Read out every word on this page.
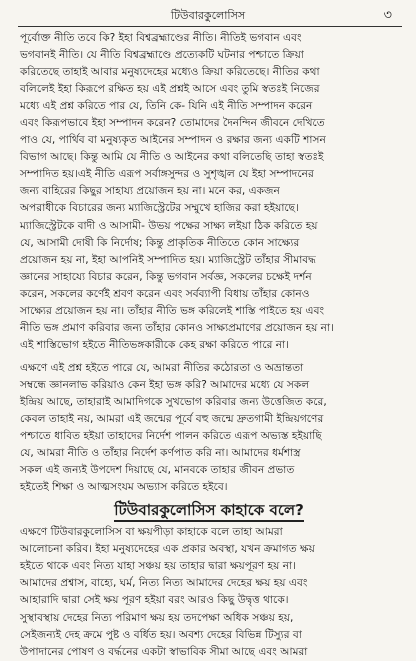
টিউবারকুলোসিস	৩
পূর্বোক্ত নীতি তবে কি? ইহা বিশ্বব্রহ্মাণ্ডের নীতি। নীতিই ভগবান এবং
ভগবানই নীতি। যে নীতি বিশ্বব্রহ্মাণ্ডে প্রত্যেকটি ঘটনার পশ্চাতে ক্রিয়া
করিতেছে তাহাই আবার মনুষ্যদেহের মধ্যেও ক্রিয়া করিতেছে। নীতির কথা
বলিলেই ইহা কিরূপে রক্ষিত হয় এই প্রশ্নই আসে এবং তুমি স্বতঃই নিজের
মধ্যে এই প্রশ্ন করিতে পার যে, তিনি কে- যিনি এই নীতি সম্পাদন করেন
এবং কিরূপভাবে ইহা সম্পাদন করেন? তোমাদের দৈনন্দিন জীবনে দেখিতে
পাও যে, পার্থিব বা মনুষ্যকৃত আইনের সম্পাদন ও রক্ষার জন্য একটি শাসন
বিভাগ আছে। কিন্তু আমি যে নীতি ও আইনের কথা বলিতেছি তাহা স্বতঃই
সম্পাদিত হয়।এই নীতি এরূপ সর্বাঙ্গসুন্দর ও সুশৃঙ্খল যে ইহা সম্পাদনের
জন্য বাহিরের কিছুর সাহায্য প্রয়োজন হয় না। মনে কর, একজন
অপরাধীকে বিচারের জন্য ম্যাজিস্ট্রেটের সম্মুখে হাজির করা হইয়াছে।
ম্যাজিস্ট্রেটকে বাদী ও আসামী- উভয় পক্ষের সাক্ষ্য লইয়া ঠিক করিতে হয়
যে, আসামী দোষী কি নির্দোষ; কিন্তু প্রাকৃতিক নীতিতে কোন সাক্ষ্যের
প্রয়োজন হয় না, ইহা আপনিই সম্পাদিত হয়। ম্যাজিস্ট্রেট তাঁহার সীমাবদ্ধ
জ্ঞানের সাহায্যে বিচার করেন, কিন্তু ভগবান সর্বজ্ঞ, সকলের চক্ষেই দর্শন
করেন, সকলের কর্ণেই শ্রবণ করেন এবং সর্বব্যাপী বিধায় তাঁহার কোনও
সাক্ষ্যের প্রয়োজন হয় না। তাঁহার নীতি ভঙ্গ করিলেই শাস্তি পাইতে হয় এবং
নীতি ভঙ্গ প্রমাণ করিবার জন্য তাঁহার কোনও সাক্ষ্যপ্রমাণের প্রয়োজন হয় না।
এই শাস্তিভোগ হইতে নীতিভঙ্গকারীকে কেহ রক্ষা করিতে পারে না।
এক্ষণে এই প্রশ্ন হইতে পারে যে, আমরা নীতির কঠোরতা ও অভ্রান্ততা
সম্বন্ধে জ্ঞানলাভ করিয়াও কেন ইহা ভঙ্গ করি? আমাদের মধ্যে যে সকল
ইন্দ্রিয় আছে, তাহারাই আমাদিগকে সুখভোগ করিবার জন্য উত্তেজিত করে,
কেবল তাহাই নয়, আমরা এই জন্মের পূর্বে বহু জন্মে দ্রুতগামী ইন্দ্রিয়গণের
পশ্চাতে ধাবিত হইয়া তাহাদের নির্দেশ পালন করিতে এরূপ অভ্যস্ত হইয়াছি
যে, আমরা নীতি ও তাঁহার নির্দেশ কর্ণপাত করি না। আমাদের ধর্মশাস্ত্র
সকল এই জন্যই উপদেশ দিয়াছে যে, মানবকে তাহার জীবন প্রভাত
হইতেই শিক্ষা ও আত্মসংযম অভ্যাস করিতে হইবে।
টিউবারকুলোসিস কাহাকে বলে?
এক্ষণে টিউবারকুলোসিস বা ক্ষয়পীড়া কাহাকে বলে তাহা আমরা
আলোচনা করিব। ইহা মনুষ্যদেহের এক প্রকার অবস্থা, যখন ক্রমাগত ক্ষয়
হইতে থাকে এবং নিত্য যাহা সঞ্চয় হয় তাহার দ্বারা ক্ষয়পূরণ হয় না।
আমাদের প্রশ্বাস, বাহ্যে, ঘর্ম, নিত্য নিত্য আমাদের দেহের ক্ষয় হয় এবং
আহারাদি দ্বারা সেই ক্ষয় পূরণ হইয়া বরং আরও কিছু উদ্বৃত্ত থাকে।
সুস্থাবস্থায় দেহের নিত্য পরিমাণ ক্ষয় হয় তদপেক্ষা অধিক সঞ্চয় হয়,
সেইজন্যই দেহ ক্রমে পুষ্ট ও বর্ধিত হয়। অবশ্য দেহের বিভিন্ন টিস্যুর বা
উপাদানের পোষণ ও বর্দ্ধনের একটা স্বাভাবিক সীমা আছে এবং আমরা
